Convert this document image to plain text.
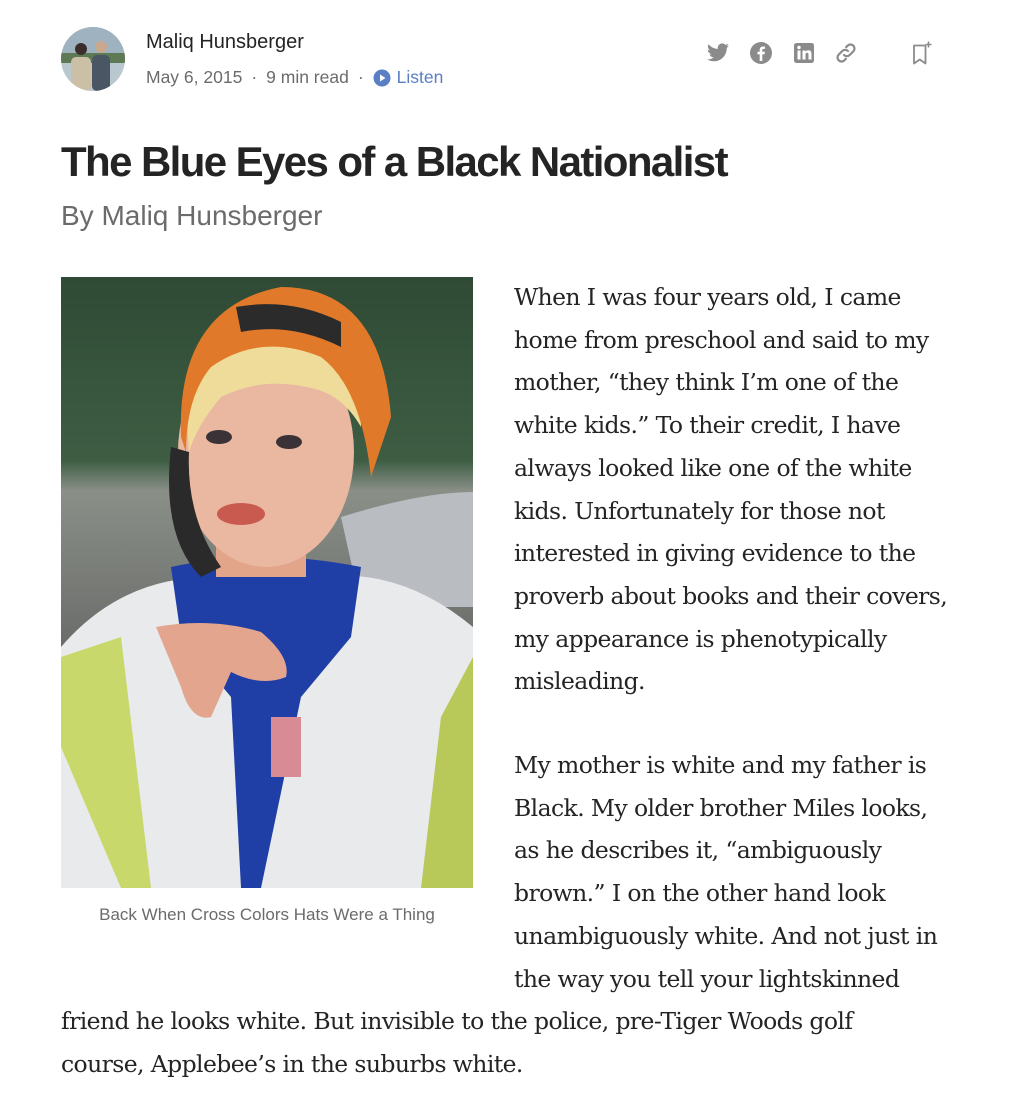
Maliq Hunsberger
May 6, 2015 · 9 min read · Listen
The Blue Eyes of a Black Nationalist
By Maliq Hunsberger
Back When Cross Colors Hats Were a Thing

When I was four years old, I came
home from preschool and said to my
mother, “they think I’m one of the
white kids.” To their credit, I have
always looked like one of the white
kids. Unfortunately for those not
interested in giving evidence to the
proverb about books and their covers,
my appearance is phenotypically
misleading.

My mother is white and my father is
Black. My older brother Miles looks,
as he describes it, “ambiguously
brown.” I on the other hand look
unambiguously white. And not just in
the way you tell your lightskinned

friend he looks white. But invisible to the police, pre-Tiger Woods golf
course, Applebee’s in the suburbs white.
